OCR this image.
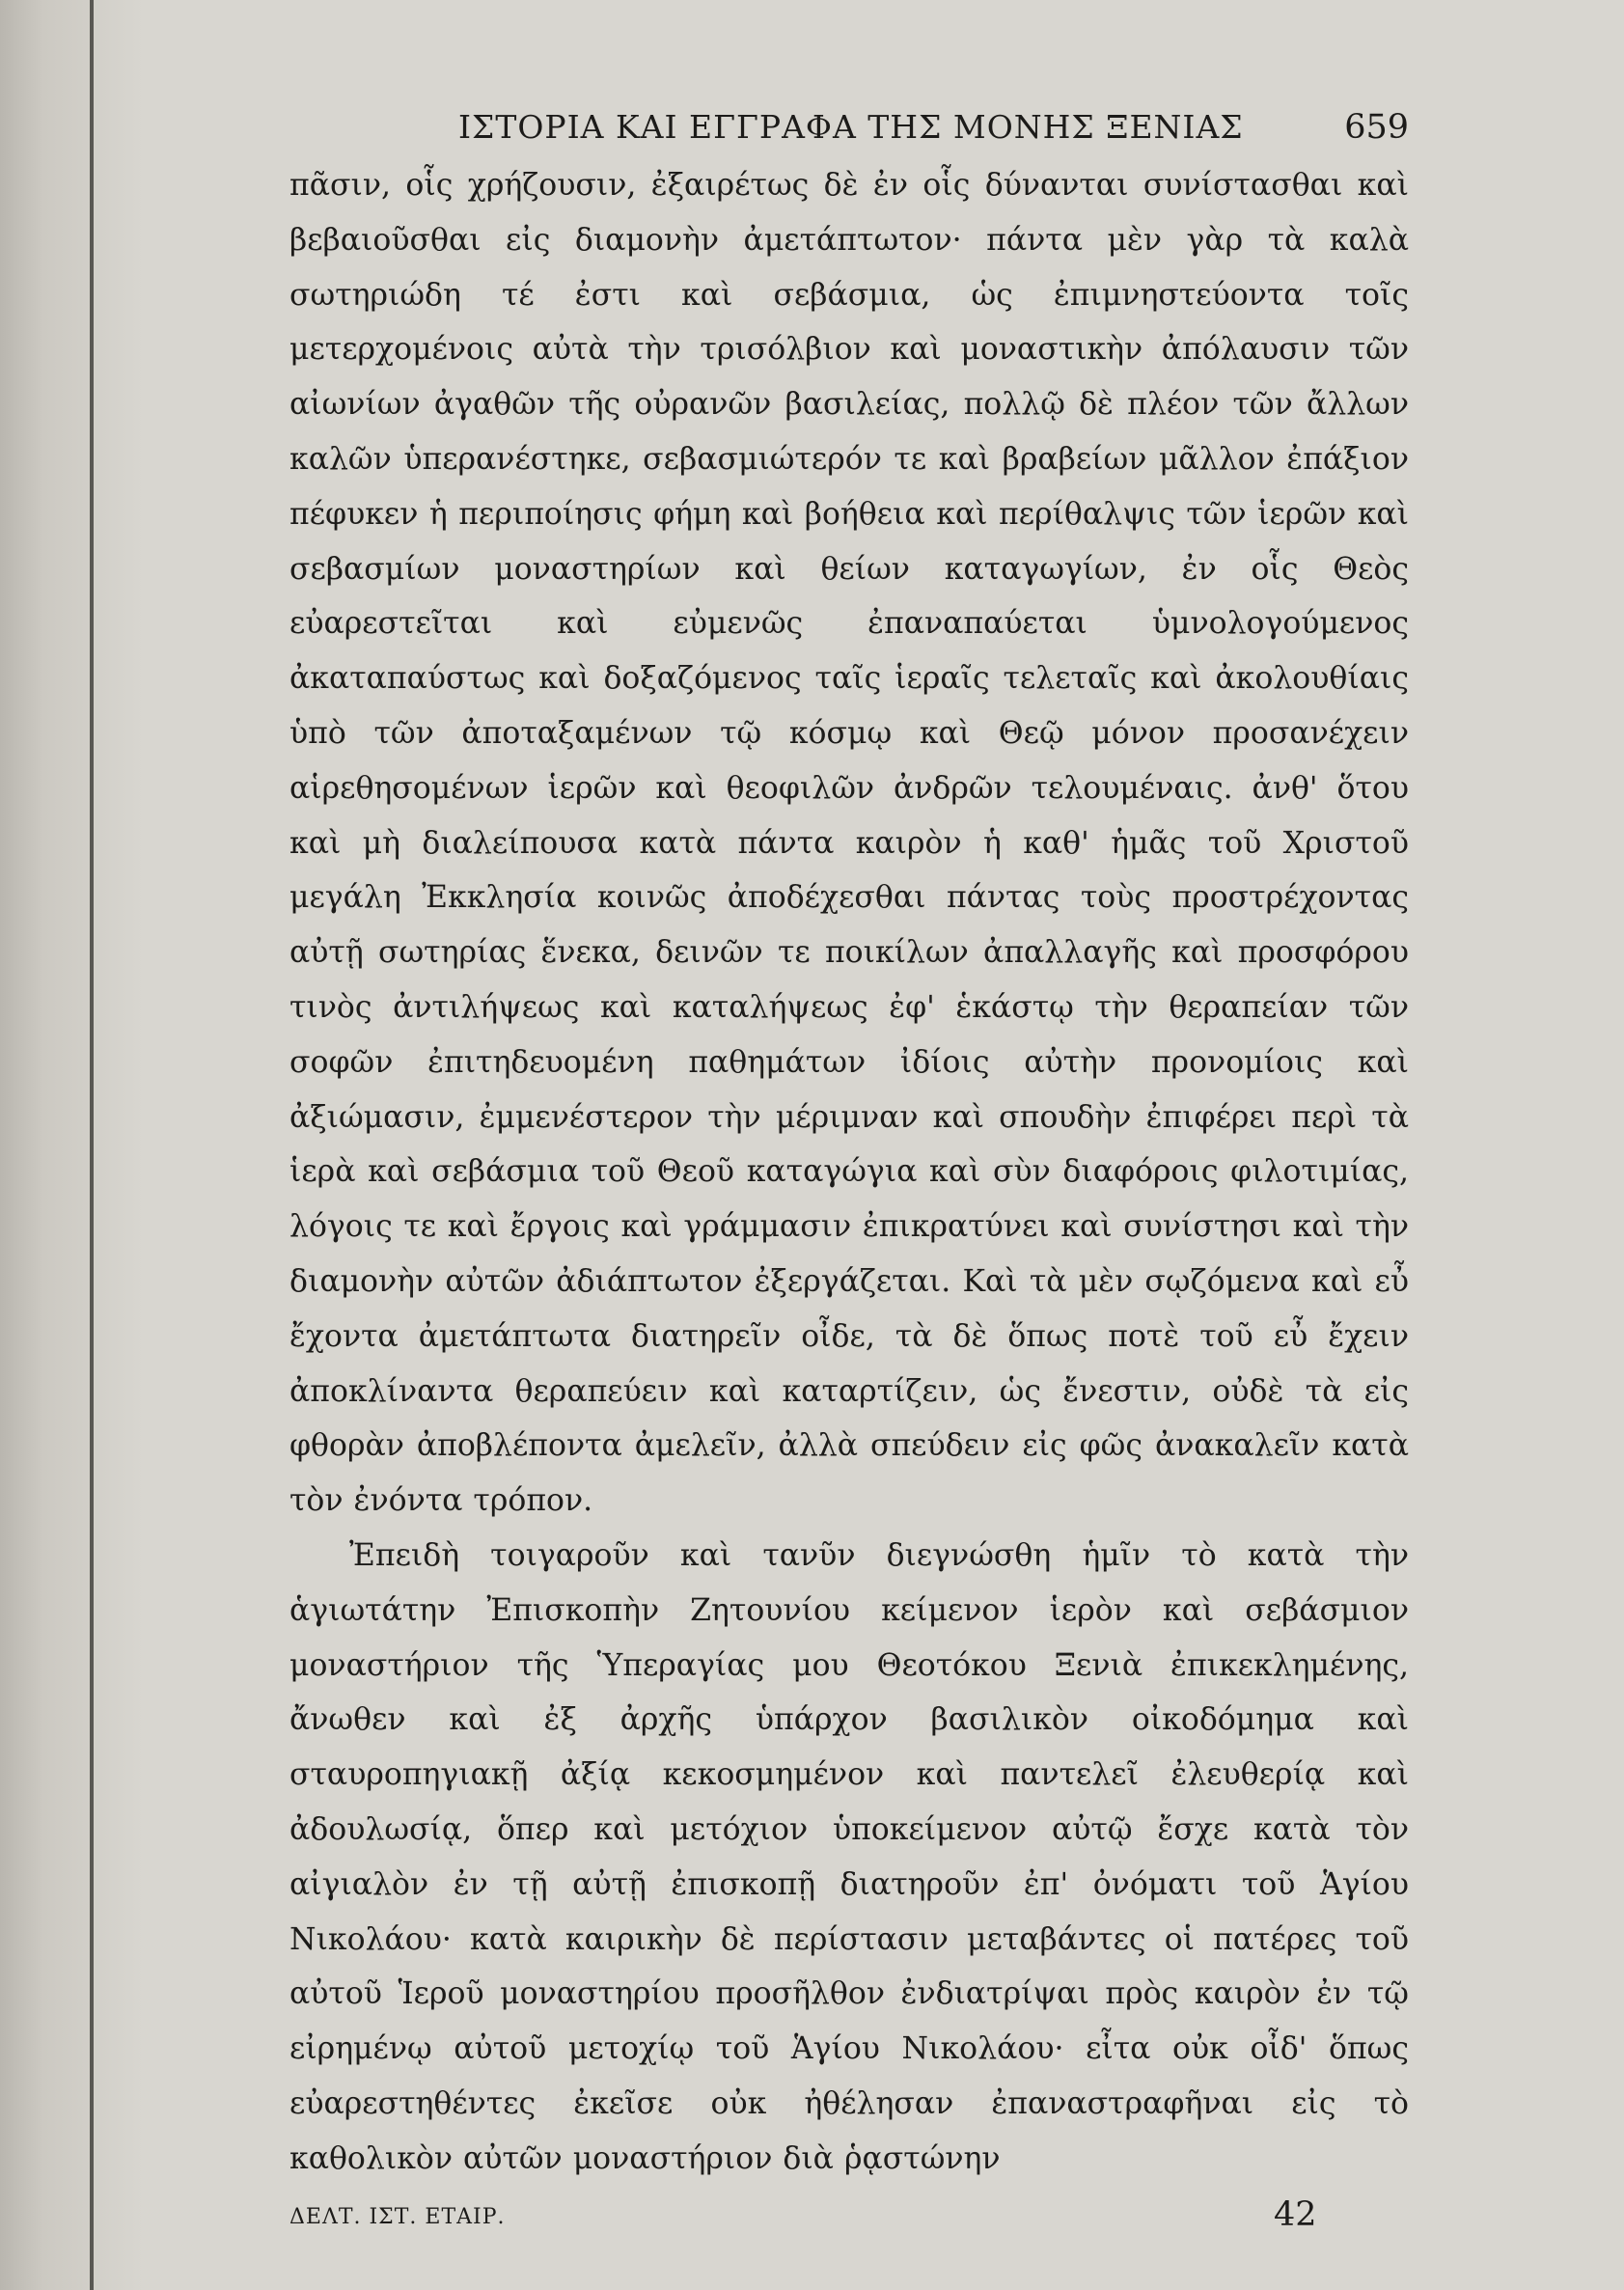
ΙΣΤΟΡΙΑ ΚΑΙ ΕΓΓΡΑΦΑ ΤΗΣ ΜΟΝΗΣ ΞΕΝΙΑΣ	659

πᾶσιν, οἷς χρήζουσιν, ἐξαιρέτως δὲ ἐν οἷς δύνανται συνίστασθαι καὶ βεβαιοῦσθαι εἰς διαμονὴν ἀμετάπτωτον· πάντα μὲν γὰρ τὰ καλὰ σωτηριώδη τέ ἐστι καὶ σεβάσμια, ὡς ἐπιμνηστεύοντα τοῖς μετερχομένοις αὐτὰ τὴν τρισόλβιον καὶ μοναστικὴν ἀπόλαυσιν τῶν αἰωνίων ἀγαθῶν τῆς οὐρανῶν βασιλείας, πολλῷ δὲ πλέον τῶν ἄλλων καλῶν ὑπερανέστηκε, σεβασμιώτερόν τε καὶ βραβείων μᾶλλον ἐπάξιον πέφυκεν ἡ περιποίησις φήμη καὶ βοήθεια καὶ περίθαλψις τῶν ἱερῶν καὶ σεβασμίων μοναστηρίων καὶ θείων καταγωγίων, ἐν οἷς Θεὸς εὐαρεστεῖται καὶ εὐμενῶς ἐπαναπαύεται ὑμνολογούμενος ἀκαταπαύστως καὶ δοξαζόμενος ταῖς ἱεραῖς τελεταῖς καὶ ἀκολουθίαις ὑπὸ τῶν ἀποταξαμένων τῷ κόσμῳ καὶ Θεῷ μόνον προσανέχειν αἱρεθησομένων ἱερῶν καὶ θεοφιλῶν ἀνδρῶν τελουμέναις. ἀνθ' ὅτου καὶ μὴ διαλείπουσα κατὰ πάντα καιρὸν ἡ καθ' ἡμᾶς τοῦ Χριστοῦ μεγάλη Ἐκκλησία κοινῶς ἀποδέχεσθαι πάντας τοὺς προστρέχοντας αὐτῇ σωτηρίας ἕνεκα, δεινῶν τε ποικίλων ἀπαλλαγῆς καὶ προσφόρου τινὸς ἀντιλήψεως καὶ καταλήψεως ἐφ' ἑκάστῳ τὴν θεραπείαν τῶν σοφῶν ἐπιτηδευομένη παθημάτων ἰδίοις αὐτὴν προνομίοις καὶ ἀξιώμασιν, ἐμμενέστερον τὴν μέριμναν καὶ σπουδὴν ἐπιφέρει περὶ τὰ ἱερὰ καὶ σεβάσμια τοῦ Θεοῦ καταγώγια καὶ σὺν διαφόροις φιλοτιμίας, λόγοις τε καὶ ἔργοις καὶ γράμμασιν ἐπικρατύνει καὶ συνίστησι καὶ τὴν διαμονὴν αὐτῶν ἀδιάπτωτον ἐξεργάζεται. Καὶ τὰ μὲν σῳζόμενα καὶ εὖ ἔχοντα ἀμετάπτωτα διατηρεῖν οἶδε, τὰ δὲ ὅπως ποτὲ τοῦ εὖ ἔχειν ἀποκλίναντα θεραπεύειν καὶ καταρτίζειν, ὡς ἔνεστιν, οὐδὲ τὰ εἰς φθορὰν ἀποβλέποντα ἀμελεῖν, ἀλλὰ σπεύδειν εἰς φῶς ἀνακαλεῖν κατὰ τὸν ἐνόντα τρόπον.

Ἐπειδὴ τοιγαροῦν καὶ τανῦν διεγνώσθη ἡμῖν τὸ κατὰ τὴν ἁγιωτάτην Ἐπισκοπὴν Ζητουνίου κείμενον ἱερὸν καὶ σεβάσμιον μοναστήριον τῆς Ὑπεραγίας μου Θεοτόκου Ξενιὰ ἐπικεκλημένης, ἄνωθεν καὶ ἐξ ἀρχῆς ὑπάρχον βασιλικὸν οἰκοδόμημα καὶ σταυροπηγιακῇ ἀξίᾳ κεκοσμημένον καὶ παντελεῖ ἐλευθερίᾳ καὶ ἀδουλωσίᾳ, ὅπερ καὶ μετόχιον ὑποκείμενον αὐτῷ ἔσχε κατὰ τὸν αἰγιαλὸν ἐν τῇ αὐτῇ ἐπισκοπῇ διατηροῦν ἐπ' ὀνόματι τοῦ Ἁγίου Νικολάου· κατὰ καιρικὴν δὲ περίστασιν μεταβάντες οἱ πατέρες τοῦ αὐτοῦ Ἱεροῦ μοναστηρίου προσῆλθον ἐνδιατρίψαι πρὸς καιρὸν ἐν τῷ εἰρημένῳ αὐτοῦ μετοχίῳ τοῦ Ἁγίου Νικολάου· εἶτα οὐκ οἶδ' ὅπως εὐαρεστηθέντες ἐκεῖσε οὐκ ἠθέλησαν ἐπαναστραφῆναι εἰς τὸ καθολικὸν αὐτῶν μοναστήριον διὰ ῥᾳστώνην

ΔΕΛΤ. ΙΣΤ. ΕΤΑΙΡ.	42
